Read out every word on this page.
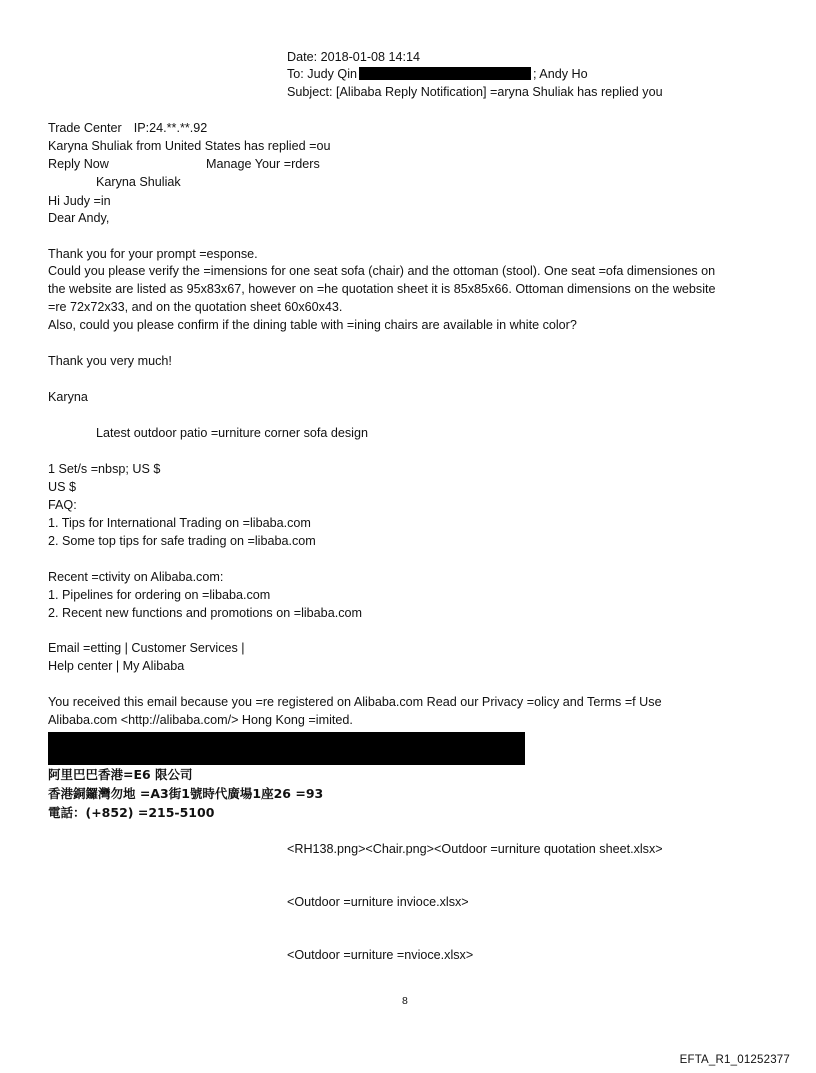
Date: 2018-01-08 14:14
To: Judy Qin	; Andy Ho
Subject: [Alibaba Reply Notification] =aryna Shuliak has replied you
Trade Center IP:24.**.**.92
Karyna Shuliak from United States has replied =ou
Reply Now	Manage Your =rders
Karyna Shuliak
Hi Judy =in
Dear Andy,
Thank you for your prompt =esponse.
Could you please verify the =imensions for one seat sofa (chair) and the ottoman (stool). One seat =ofa dimensiones on
the website are listed as 95x83x67, however on =he quotation sheet it is 85x85x66. Ottoman dimensions on the website
=re 72x72x33, and on the quotation sheet 60x60x43.
Also, could you please confirm if the dining table with =ining chairs are available in white color?
Thank you very much!
Karyna
Latest outdoor patio =urniture corner sofa design
1 Set/s =nbsp; US $
US $
FAQ:
1. Tips for International Trading on =libaba.com
2. Some top tips for safe trading on =libaba.com
Recent =ctivity on Alibaba.com:
1. Pipelines for ordering on =libaba.com
2. Recent new functions and promotions on =libaba.com
Email =etting | Customer Services |
Help center | My Alibaba
You received this email because you =re registered on Alibaba.com Read our Privacy =olicy and Terms =f Use
Alibaba.com <http://alibaba.com/> Hong Kong =imited.
阿里巴巴香港=E6 限公司
香港銅鑼灣勿地 =A3街1號時代廣場1座26 =93
電話：(+852) =215-5100
<RH138.png><Chair.png><Outdoor =urniture quotation sheet.xlsx>
<Outdoor =urniture invioce.xlsx>
<Outdoor =urniture =nvioce.xlsx>
8
EFTA_R1_01252377
